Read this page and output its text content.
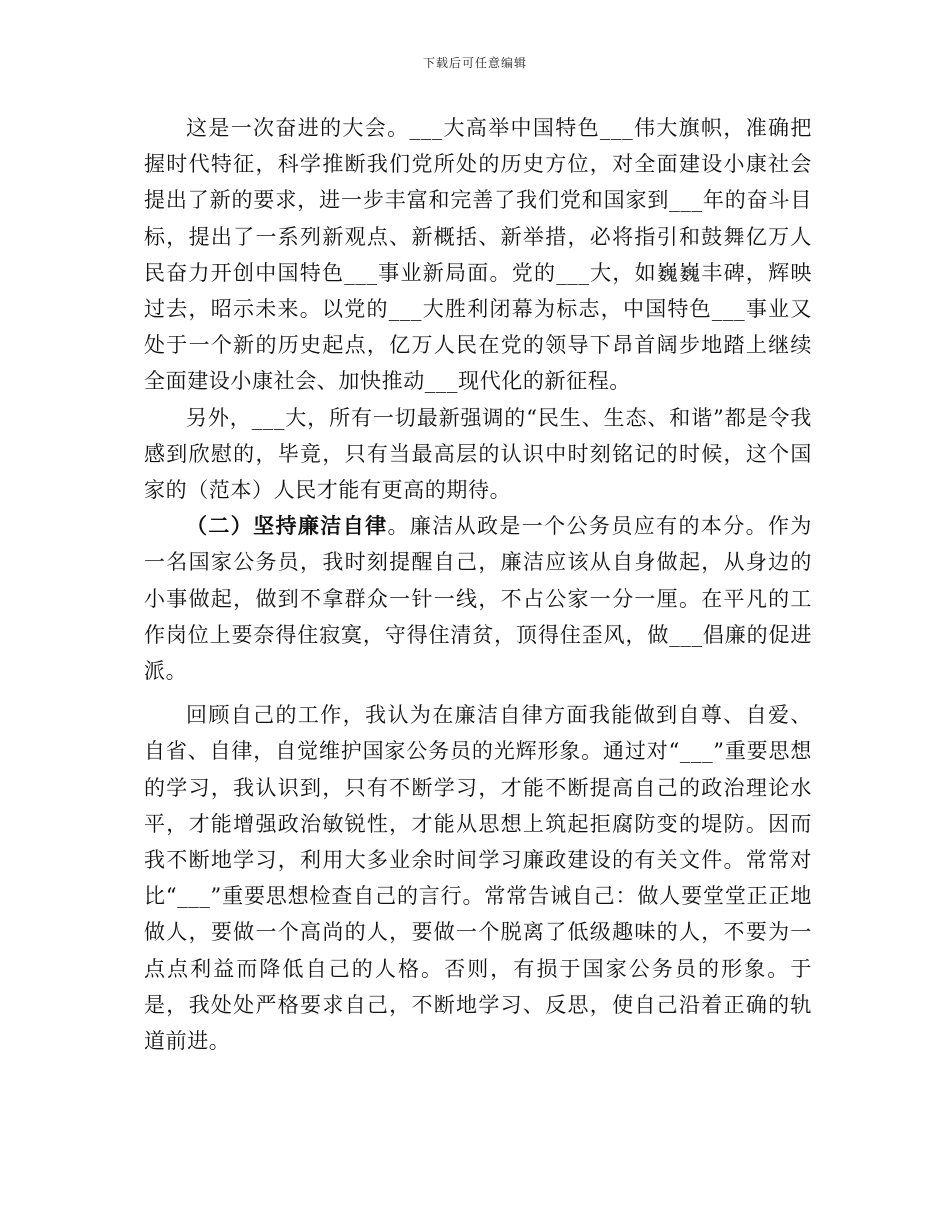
下载后可任意编辑

这是一次奋进的大会。___大高举中国特色___伟大旗帜，准确把握时代特征，科学推断我们党所处的历史方位，对全面建设小康社会提出了新的要求，进一步丰富和完善了我们党和国家到___年的奋斗目标，提出了一系列新观点、新概括、新举措，必将指引和鼓舞亿万人民奋力开创中国特色___事业新局面。党的___大，如巍巍丰碑，辉映过去，昭示未来。以党的___大胜利闭幕为标志，中国特色___事业又处于一个新的历史起点，亿万人民在党的领导下昂首阔步地踏上继续全面建设小康社会、加快推动___现代化的新征程。

另外，___大，所有一切最新强调的“民生、生态、和谐”都是令我感到欣慰的，毕竟，只有当最高层的认识中时刻铭记的时候，这个国家的（范本）人民才能有更高的期待。

（二）坚持廉洁自律。廉洁从政是一个公务员应有的本分。作为一名国家公务员，我时刻提醒自己，廉洁应该从自身做起，从身边的小事做起，做到不拿群众一针一线，不占公家一分一厘。在平凡的工作岗位上要奈得住寂寞，守得住清贫，顶得住歪风，做___倡廉的促进派。

回顾自己的工作，我认为在廉洁自律方面我能做到自尊、自爱、自省、自律，自觉维护国家公务员的光辉形象。通过对“___”重要思想的学习，我认识到，只有不断学习，才能不断提高自己的政治理论水平，才能增强政治敏锐性，才能从思想上筑起拒腐防变的堤防。因而我不断地学习，利用大多业余时间学习廉政建设的有关文件。常常对比“___”重要思想检查自己的言行。常常告诫自己：做人要堂堂正正地做人，要做一个高尚的人，要做一个脱离了低级趣味的人，不要为一点点利益而降低自己的人格。否则，有损于国家公务员的形象。于是，我处处严格要求自己，不断地学习、反思，使自己沿着正确的轨道前进。
